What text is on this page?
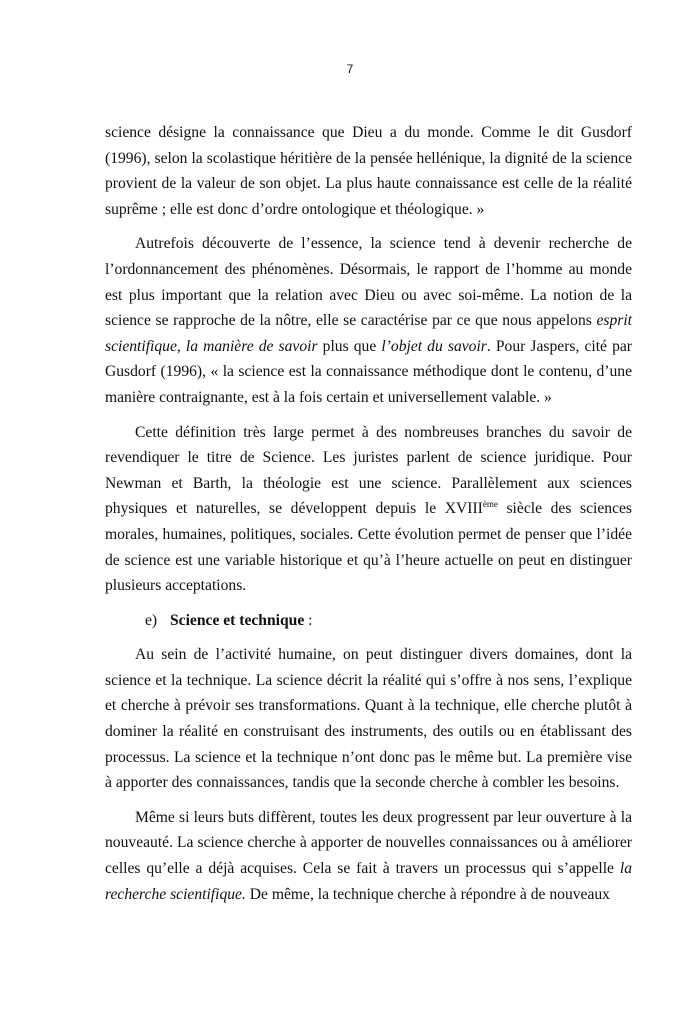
7

science désigne la connaissance que Dieu a du monde. Comme le dit Gusdorf (1996), selon la scolastique héritière de la pensée hellénique, la dignité de la science provient de la valeur de son objet. La plus haute connaissance est celle de la réalité suprême ; elle est donc d’ordre ontologique et théologique. »

Autrefois découverte de l’essence, la science tend à devenir recherche de l’ordonnancement des phénomènes. Désormais, le rapport de l’homme au monde est plus important que la relation avec Dieu ou avec soi-même. La notion de la science se rapproche de la nôtre, elle se caractérise par ce que nous appelons esprit scientifique, la manière de savoir plus que l’objet du savoir. Pour Jaspers, cité par Gusdorf (1996), « la science est la connaissance méthodique dont le contenu, d’une manière contraignante, est à la fois certain et universellement valable. »

Cette définition très large permet à des nombreuses branches du savoir de revendiquer le titre de Science. Les juristes parlent de science juridique. Pour Newman et Barth, la théologie est une science. Parallèlement aux sciences physiques et naturelles, se développent depuis le XVIIIème siècle des sciences morales, humaines, politiques, sociales. Cette évolution permet de penser que l’idée de science est une variable historique et qu’à l’heure actuelle on peut en distinguer plusieurs acceptations.

e) Science et technique :

Au sein de l’activité humaine, on peut distinguer divers domaines, dont la science et la technique. La science décrit la réalité qui s’offre à nos sens, l’explique et cherche à prévoir ses transformations. Quant à la technique, elle cherche plutôt à dominer la réalité en construisant des instruments, des outils ou en établissant des processus. La science et la technique n’ont donc pas le même but. La première vise à apporter des connaissances, tandis que la seconde cherche à combler les besoins.

Même si leurs buts diffèrent, toutes les deux progressent par leur ouverture à la nouveauté. La science cherche à apporter de nouvelles connaissances ou à améliorer celles qu’elle a déjà acquises. Cela se fait à travers un processus qui s’appelle la recherche scientifique. De même, la technique cherche à répondre à de nouveaux
